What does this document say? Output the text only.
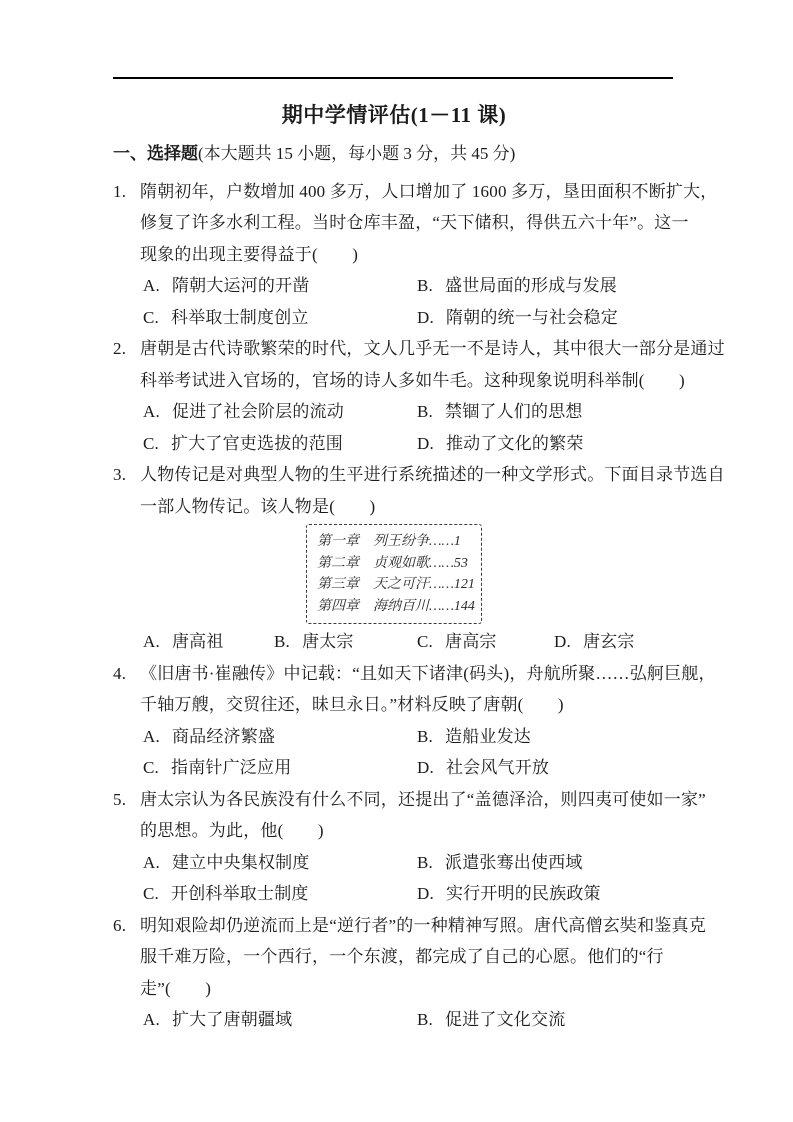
期中学情评估(1－11 课)
一、选择题(本大题共 15 小题，每小题 3 分，共 45 分)
1. 隋朝初年，户数增加 400 多万，人口增加了 1600 多万，垦田面积不断扩大，
修复了许多水利工程。当时仓库丰盈，“天下储积，得供五六十年”。这一
现象的出现主要得益于(　　)
A. 隋朝大运河的开凿	B. 盛世局面的形成与发展
C. 科举取士制度创立	D. 隋朝的统一与社会稳定
2. 唐朝是古代诗歌繁荣的时代，文人几乎无一不是诗人，其中很大一部分是通过
科举考试进入官场的，官场的诗人多如牛毛。这种现象说明科举制(　　)
A. 促进了社会阶层的流动	B. 禁锢了人们的思想
C. 扩大了官吏选拔的范围	D. 推动了文化的繁荣
3. 人物传记是对典型人物的生平进行系统描述的一种文学形式。下面目录节选自
一部人物传记。该人物是(　　)
第一章　列王纷争……1
第二章　贞观如歌……53
第三章　天之可汗……121
第四章　海纳百川……144
A. 唐高祖	B. 唐太宗	C. 唐高宗	D. 唐玄宗
4. 《旧唐书·崔融传》中记载：“且如天下诸津(码头)，舟航所聚……弘舸巨舰，
千轴万艘，交贸往还，昧旦永日。”材料反映了唐朝(　　)
A. 商品经济繁盛	B. 造船业发达
C. 指南针广泛应用	D. 社会风气开放
5. 唐太宗认为各民族没有什么不同，还提出了“盖德泽洽，则四夷可使如一家”
的思想。为此，他(　　)
A. 建立中央集权制度	B. 派遣张骞出使西域
C. 开创科举取士制度	D. 实行开明的民族政策
6. 明知艰险却仍逆流而上是“逆行者”的一种精神写照。唐代高僧玄奘和鉴真克
服千难万险，一个西行，一个东渡，都完成了自己的心愿。他们的“行
走”(　　)
A. 扩大了唐朝疆域	B. 促进了文化交流
